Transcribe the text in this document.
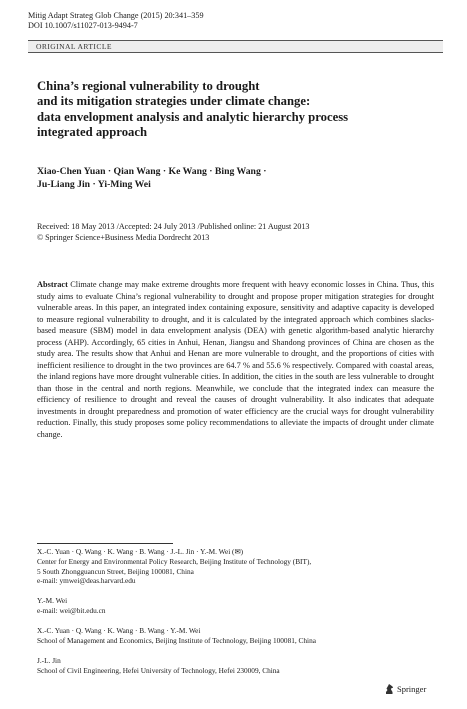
Mitig Adapt Strateg Glob Change (2015) 20:341–359
DOI 10.1007/s11027-013-9494-7
ORIGINAL ARTICLE
China’s regional vulnerability to drought
and its mitigation strategies under climate change:
data envelopment analysis and analytic hierarchy process
integrated approach
Xiao-Chen Yuan · Qian Wang · Ke Wang · Bing Wang ·
Ju-Liang Jin · Yi-Ming Wei
Received: 18 May 2013 /Accepted: 24 July 2013 /Published online: 21 August 2013
© Springer Science+Business Media Dordrecht 2013
Abstract Climate change may make extreme droughts more frequent with heavy economic losses in China. Thus, this study aims to evaluate China’s regional vulnerability to drought and propose proper mitigation strategies for drought vulnerable areas. In this paper, an integrated index containing exposure, sensitivity and adaptive capacity is developed to measure regional vulnerability to drought, and it is calculated by the integrated approach which combines slacks-based measure (SBM) model in data envelopment analysis (DEA) with genetic algorithm-based analytic hierarchy process (AHP). Accordingly, 65 cities in Anhui, Henan, Jiangsu and Shandong provinces of China are chosen as the study area. The results show that Anhui and Henan are more vulnerable to drought, and the proportions of cities with inefficient resilience to drought in the two provinces are 64.7 % and 55.6 % respectively. Compared with coastal areas, the inland regions have more drought vulnerable cities. In addition, the cities in the south are less vulnerable to drought than those in the central and north regions. Meanwhile, we conclude that the integrated index can measure the efficiency of resilience to drought and reveal the causes of drought vulnerability. It also indicates that adequate investments in drought preparedness and promotion of water efficiency are the crucial ways for drought vulnerability reduction. Finally, this study proposes some policy recommendations to alleviate the impacts of drought under climate change.
X.-C. Yuan · Q. Wang · K. Wang · B. Wang · J.-L. Jin · Y.-M. Wei (✉)
Center for Energy and Environmental Policy Research, Beijing Institute of Technology (BIT),
5 South Zhongguancun Street, Beijing 100081, China
e-mail: ymwei@deas.harvard.edu
Y.-M. Wei
e-mail: wei@bit.edu.cn
X.-C. Yuan · Q. Wang · K. Wang · B. Wang · Y.-M. Wei
School of Management and Economics, Beijing Institute of Technology, Beijing 100081, China
J.-L. Jin
School of Civil Engineering, Hefei University of Technology, Hefei 230009, China
Springer
